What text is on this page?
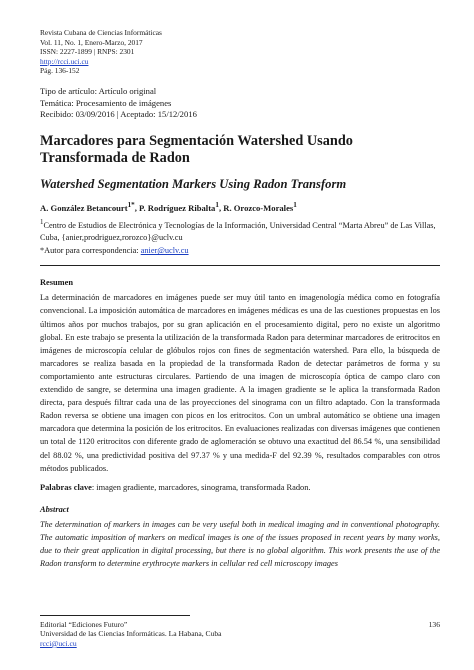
Revista Cubana de Ciencias Informáticas
Vol. 11, No. 1, Enero-Marzo, 2017
ISSN: 2227-1899 | RNPS: 2301
http://rcci.uci.cu
Pág. 136-152
Tipo de artículo: Artículo original
Temática: Procesamiento de imágenes
Recibido: 03/09/2016 | Aceptado: 15/12/2016
Marcadores para Segmentación Watershed Usando Transformada de Radon
Watershed Segmentation Markers Using Radon Transform
A. González Betancourt$^{1*}$, P. Rodríguez Ribalta$^1$, R. Orozco-Morales$^1$
$^1$Centro de Estudios de Electrónica y Tecnologías de la Información, Universidad Central “Marta Abreu” de Las Villas, Cuba, {anier,prodriguez,rorozco}@uclv.cu
*Autor para correspondencia: anier@uclv.cu
Resumen
La determinación de marcadores en imágenes puede ser muy útil tanto en imagenología médica como en fotografía convencional. La imposición automática de marcadores en imágenes médicas es una de las cuestiones propuestas en los últimos años por muchos trabajos, por su gran aplicación en el procesamiento digital, pero no existe un algoritmo global. En este trabajo se presenta la utilización de la transformada Radon para determinar marcadores de eritrocitos en imágenes de microscopía celular de glóbulos rojos con fines de segmentación watershed. Para ello, la búsqueda de marcadores se realiza basada en la propiedad de la transformada Radon de detectar parámetros de forma y su comportamiento ante estructuras circulares. Partiendo de una imagen de microscopía óptica de campo claro con extendido de sangre, se determina una imagen gradiente. A la imagen gradiente se le aplica la transformada Radon directa, para después filtrar cada una de las proyecciones del sinograma con un filtro adaptado. Con la transformada Radon reversa se obtiene una imagen con picos en los eritrocitos. Con un umbral automático se obtiene una imagen marcadora que determina la posición de los eritrocitos. En evaluaciones realizadas con diversas imágenes que contienen un total de 1120 eritrocitos con diferente grado de aglomeración se obtuvo una exactitud del 86.54 %, una sensibilidad del 88.02 %, una predictividad positiva del 97.37 % y una medida-F del 92.39 %, resultados comparables con otros métodos publicados.
Palabras clave: imagen gradiente, marcadores, sinograma, transformada Radon.
Abstract
The determination of markers in images can be very useful both in medical imaging and in conventional photography. The automatic imposition of markers on medical images is one of the issues proposed in recent years by many works, due to their great application in digital processing, but there is no global algorithm. This work presents the use of the Radon transform to determine erythrocyte markers in cellular red cell microscopy images
Editorial “Ediciones Futuro”
Universidad de las Ciencias Informáticas. La Habana, Cuba
rcci@uci.cu
136
